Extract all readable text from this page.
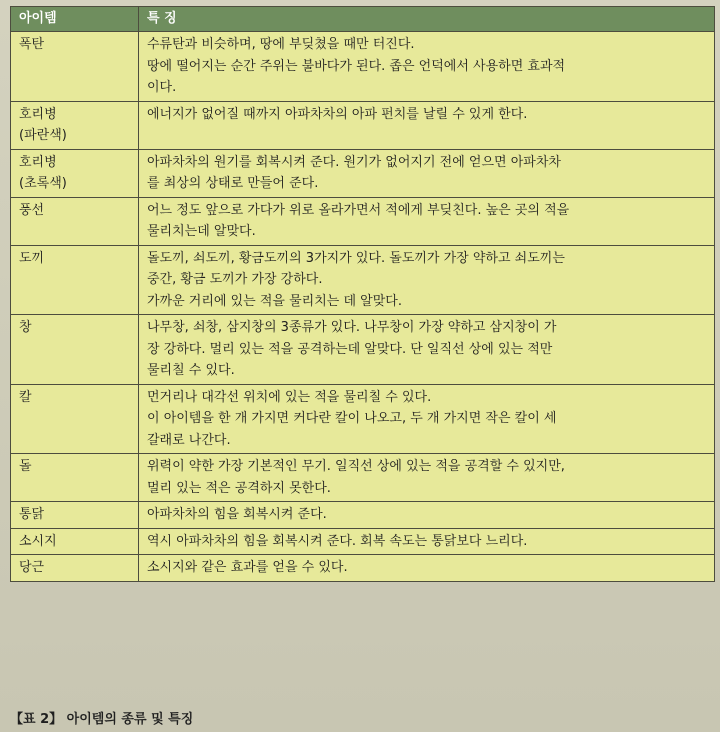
아이템	특 징

폭탄	수류탄과 비슷하며, 땅에 부딪쳤을 때만 터진다.
땅에 떨어지는 순간 주위는 불바다가 된다. 좁은 언덕에서 사용하면 효과적
이다.

호리병
(파란색)	에너지가 없어질 때까지 아파차차의 아파 펀치를 날릴 수 있게 한다.

호리병
(초록색)	아파차차의 원기를 회복시켜 준다. 원기가 없어지기 전에 얻으면 아파차차
를 최상의 상태로 만들어 준다.

풍선	어느 정도 앞으로 가다가 위로 올라가면서 적에게 부딪친다. 높은 곳의 적을
물리치는데 알맞다.

도끼	돌도끼, 쇠도끼, 황금도끼의 3가지가 있다. 돌도끼가 가장 약하고 쇠도끼는
중간, 황금 도끼가 가장 강하다.
가까운 거리에 있는 적을 물리치는 데 알맞다.

창	나무창, 쇠창, 삼지창의 3종류가 있다. 나무창이 가장 약하고 삼지창이 가
장 강하다. 멀리 있는 적을 공격하는데 알맞다. 단 일직선 상에 있는 적만
물리칠 수 있다.

칼	먼거리나 대각선 위치에 있는 적을 물리칠 수 있다.
이 아이템을 한 개 가지면 커다란 칼이 나오고, 두 개 가지면 작은 칼이 세
갈래로 나간다.

돌	위력이 약한 가장 기본적인 무기. 일직선 상에 있는 적을 공격할 수 있지만,
멀리 있는 적은 공격하지 못한다.

통닭	아파차차의 힘을 회복시켜 준다.

소시지	역시 아파차차의 힘을 회복시켜 준다. 회복 속도는 통닭보다 느리다.

당근	소시지와 같은 효과를 얻을 수 있다.
【표 2】 아이템의 종류 및 특징
